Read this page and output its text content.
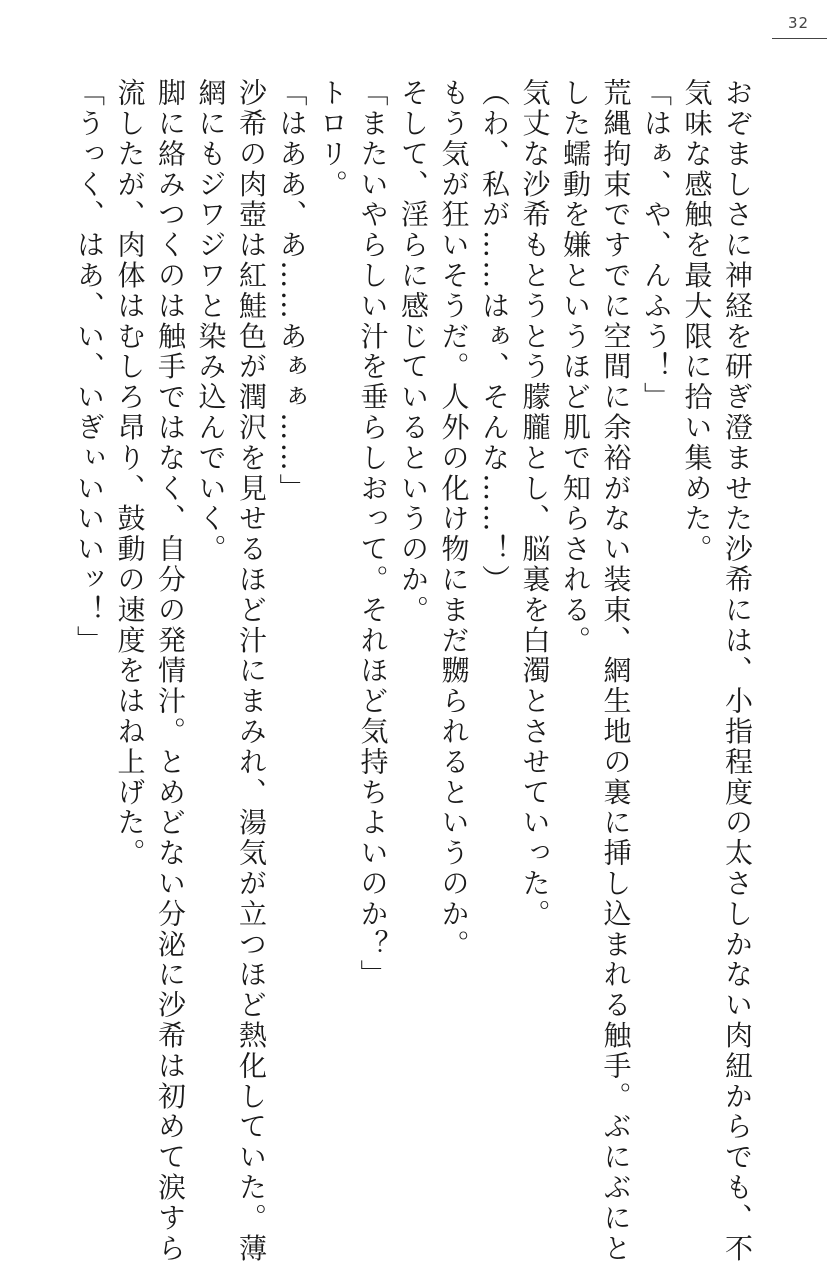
32
おぞましさに神経を研ぎ澄ませた沙希には、小指程度の太さしかない肉紐からでも、不
気味な感触を最大限に拾い集めた。
「はぁ、や、んふう！」
荒縄拘束ですでに空間に余裕がない装束、網生地の裏に挿し込まれる触手。ぶにぶにと
した蠕動を嫌というほど肌で知らされる。
気丈な沙希もとうとう朦朧とし、脳裏を白濁とさせていった。
（わ、私が……はぁ、そんな……！）
もう気が狂いそうだ。人外の化け物にまだ嬲られるというのか。
そして、淫らに感じているというのか。
「またいやらしい汁を垂らしおって。それほど気持ちよいのか？」
トロリ。
「はああ、あ……あぁぁ……」
沙希の肉壺は紅鮭色が潤沢を見せるほど汁にまみれ、湯気が立つほど熱化していた。薄
網にもジワジワと染み込んでいく。
脚に絡みつくのは触手ではなく、自分の発情汁。とめどない分泌に沙希は初めて涙すら
流したが、肉体はむしろ昂り、鼓動の速度をはね上げた。
「うっく、はあ、い、いぎぃいいいッ！」
